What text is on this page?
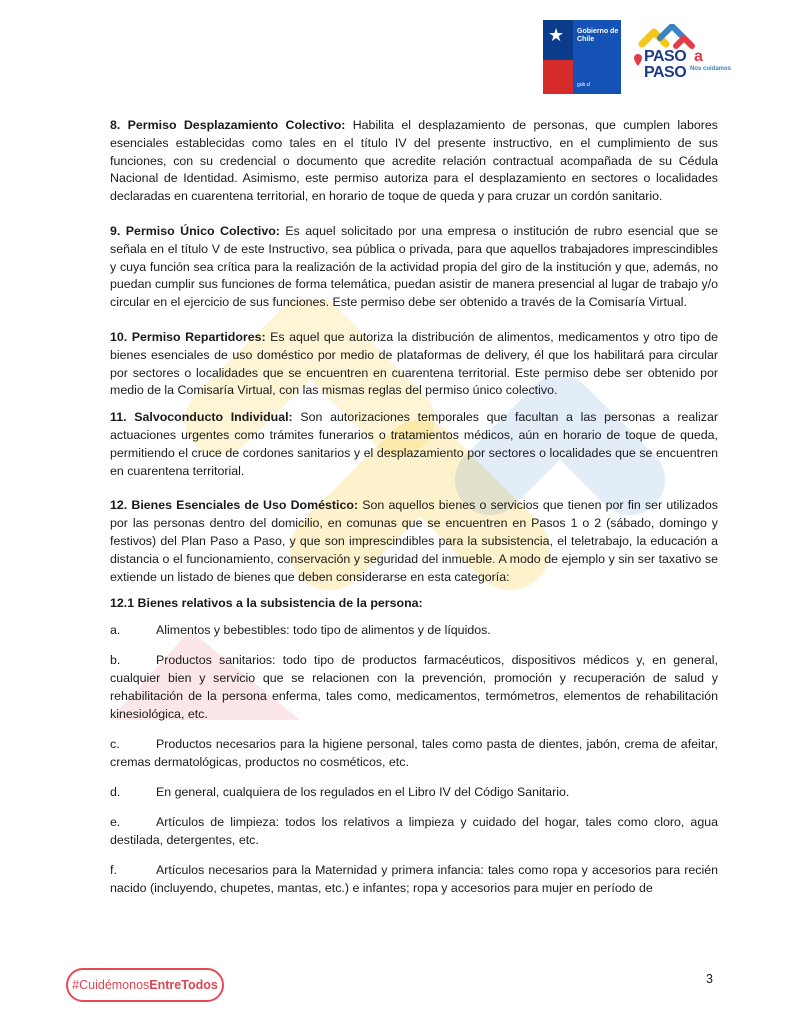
★ Gobierno de Chile
gob.cl
PASO a
PASO Nos cuidamos

8. Permiso Desplazamiento Colectivo: Habilita el desplazamiento de personas, que cumplen labores esenciales establecidas como tales en el título IV del presente instructivo, en el cumplimiento de sus funciones, con su credencial o documento que acredite relación contractual acompañada de su Cédula Nacional de Identidad. Asimismo, este permiso autoriza para el desplazamiento en sectores o localidades declaradas en cuarentena territorial, en horario de toque de queda y para cruzar un cordón sanitario.

9. Permiso Único Colectivo: Es aquel solicitado por una empresa o institución de rubro esencial que se señala en el título V de este Instructivo, sea pública o privada, para que aquellos trabajadores imprescindibles y cuya función sea crítica para la realización de la actividad propia del giro de la institución y que, además, no puedan cumplir sus funciones de forma telemática, puedan asistir de manera presencial al lugar de trabajo y/o circular en el ejercicio de sus funciones. Este permiso debe ser obtenido a través de la Comisaría Virtual.

10. Permiso Repartidores: Es aquel que autoriza la distribución de alimentos, medicamentos y otro tipo de bienes esenciales de uso doméstico por medio de plataformas de delivery, él que los habilitará para circular por sectores o localidades que se encuentren en cuarentena territorial. Este permiso debe ser obtenido por medio de la Comisaría Virtual, con las mismas reglas del permiso único colectivo.

11. Salvoconducto Individual: Son autorizaciones temporales que facultan a las personas a realizar actuaciones urgentes como trámites funerarios o tratamientos médicos, aún en horario de toque de queda, permitiendo el cruce de cordones sanitarios y el desplazamiento por sectores o localidades que se encuentren en cuarentena territorial.

12. Bienes Esenciales de Uso Doméstico: Son aquellos bienes o servicios que tienen por fin ser utilizados por las personas dentro del domicilio, en comunas que se encuentren en Pasos 1 o 2 (sábado, domingo y festivos) del Plan Paso a Paso, y que son imprescindibles para la subsistencia, el teletrabajo, la educación a distancia o el funcionamiento, conservación y seguridad del inmueble. A modo de ejemplo y sin ser taxativo se extiende un listado de bienes que deben considerarse en esta categoría:

12.1 Bienes relativos a la subsistencia de la persona:

a.	Alimentos y bebestibles: todo tipo de alimentos y de líquidos.

b.	Productos sanitarios: todo tipo de productos farmacéuticos, dispositivos médicos y, en general, cualquier bien y servicio que se relacionen con la prevención, promoción y recuperación de salud y rehabilitación de la persona enferma, tales como, medicamentos, termómetros, elementos de rehabilitación kinesiológica, etc.

c.	Productos necesarios para la higiene personal, tales como pasta de dientes, jabón, crema de afeitar, cremas dermatológicas, productos no cosméticos, etc.

d.	En general, cualquiera de los regulados en el Libro IV del Código Sanitario.

e.	Artículos de limpieza: todos los relativos a limpieza y cuidado del hogar, tales como cloro, agua destilada, detergentes, etc.

f.	Artículos necesarios para la Maternidad y primera infancia: tales como ropa y accesorios para recién nacido (incluyendo, chupetes, mantas, etc.) e infantes; ropa y accesorios para mujer en período de

#Cuidémonos EntreTodos	3
